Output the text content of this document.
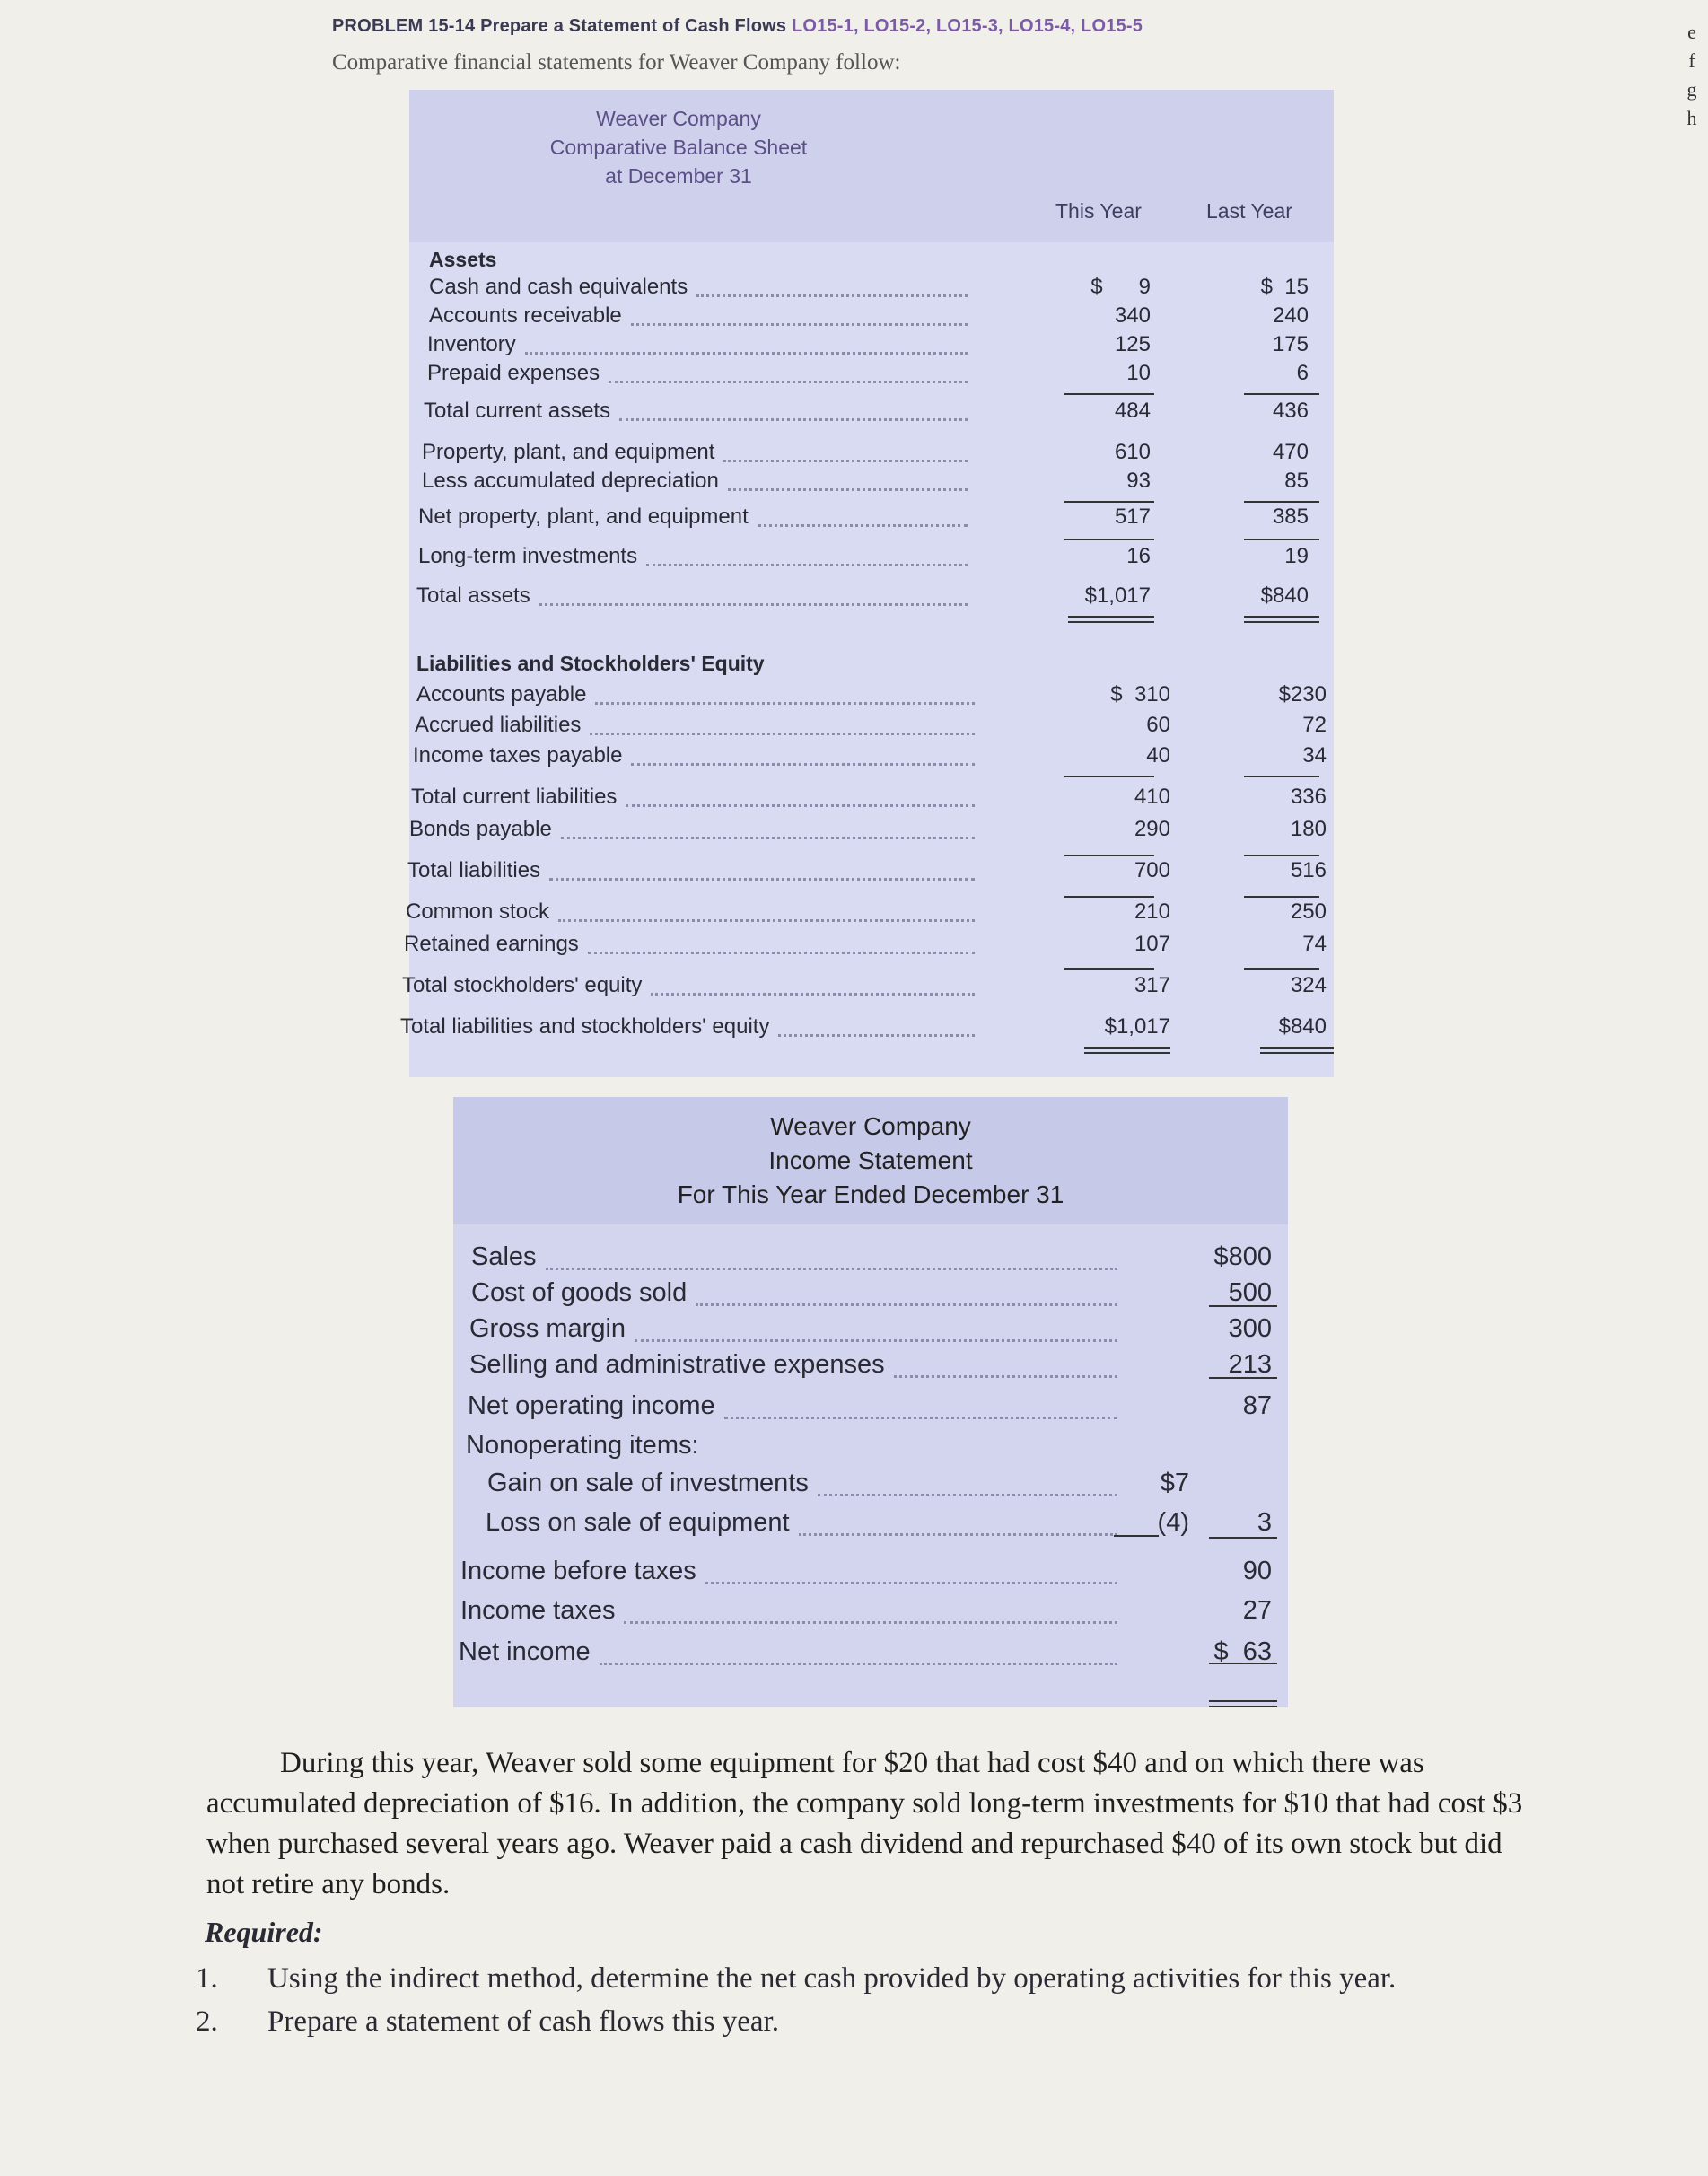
PROBLEM 15-14 Prepare a Statement of Cash Flows LO15-1, LO15-2, LO15-3, LO15-4, LO15-5
Comparative financial statements for Weaver Company follow:
e
f
g
h
Weaver Company
Comparative Balance Sheet
at December 31
This Year	Last Year
Assets
Cash and cash equivalents	$      9	$  15
Accounts receivable	340	240
Inventory	125	175
Prepaid expenses	10	6
Total current assets	484	436
Property, plant, and equipment	610	470
Less accumulated depreciation	93	85
Net property, plant, and equipment	517	385
Long-term investments	16	19
Total assets	$1,017	$840
Liabilities and Stockholders' Equity
Accounts payable	$  310	$230
Accrued liabilities	60	72
Income taxes payable	40	34
Total current liabilities	410	336
Bonds payable	290	180
Total liabilities	700	516
Common stock	210	250
Retained earnings	107	74
Total stockholders' equity	317	324
Total liabilities and stockholders' equity	$1,017	$840
Weaver Company
Income Statement
For This Year Ended December 31
Sales	$800
Cost of goods sold	500
Gross margin	300
Selling and administrative expenses	213
Net operating income	87
Nonoperating items:
Gain on sale of investments	$7
Loss on sale of equipment	(4)	3
Income before taxes	90
Income taxes	27
Net income	$  63
During this year, Weaver sold some equipment for $20 that had cost $40 and on which there was accumulated depreciation of $16. In addition, the company sold long-term investments for $10 that had cost $3 when purchased several years ago. Weaver paid a cash dividend and repurchased $40 of its own stock but did not retire any bonds.
Required:
1. Using the indirect method, determine the net cash provided by operating activities for this year.
2. Prepare a statement of cash flows this year.
